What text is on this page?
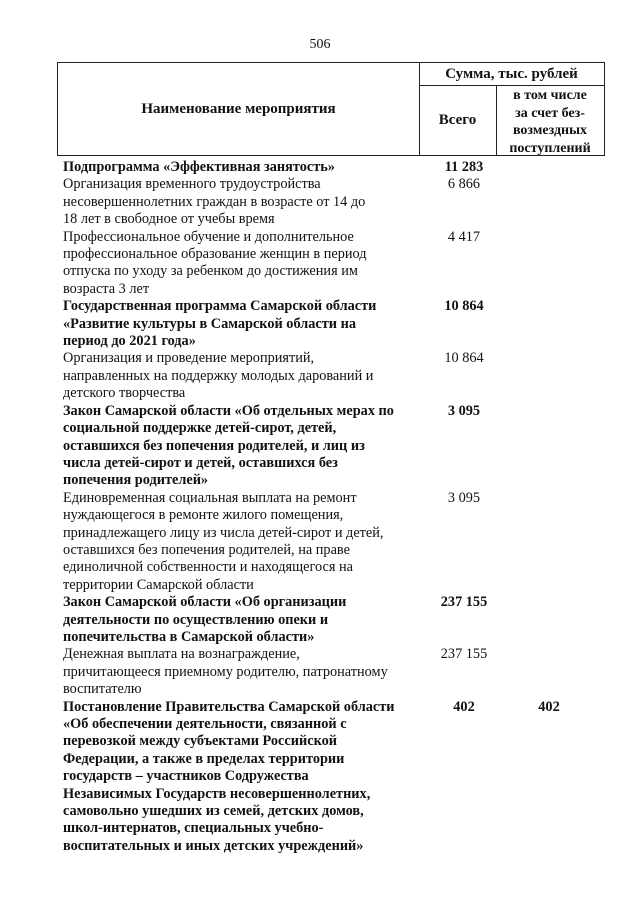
506
Наименование мероприятия
Сумма, тыс. рублей
Всего
в том числе
за счет без-
возмездных
поступлений
Подпрограмма «Эффективная занятость»	11 283
Организация временного трудоустройства
несовершеннолетних граждан в возрасте от 14 до
18 лет в свободное от учебы время
6 866
Профессиональное обучение и дополнительное
профессиональное образование женщин в период
отпуска по уходу за ребенком до достижения им
возраста 3 лет
4 417
Государственная программа Самарской области
«Развитие культуры в Самарской области на
период до 2021 года»
10 864
Организация и проведение мероприятий,
направленных на поддержку молодых дарований и
детского творчества
10 864
Закон Самарской области «Об отдельных мерах по
социальной поддержке детей-сирот, детей,
оставшихся без попечения родителей, и лиц из
числа детей-сирот и детей, оставшихся без
попечения родителей»
3 095
Единовременная социальная выплата на ремонт
нуждающегося в ремонте жилого помещения,
принадлежащего лицу из числа детей-сирот и детей,
оставшихся без попечения родителей, на праве
единоличной собственности и находящегося на
территории Самарской области
3 095
Закон Самарской области «Об организации
деятельности по осуществлению опеки и
попечительства в Самарской области»
237 155
Денежная выплата на вознаграждение,
причитающееся приемному родителю, патронатному
воспитателю
237 155
Постановление Правительства Самарской области
«Об обеспечении деятельности, связанной с
перевозкой между субъектами Российской
Федерации, а также в пределах территории
государств – участников Содружества
Независимых Государств несовершеннолетних,
самовольно ушедших из семей, детских домов,
школ-интернатов, специальных учебно-
воспитательных и иных детских учреждений»
402	402
